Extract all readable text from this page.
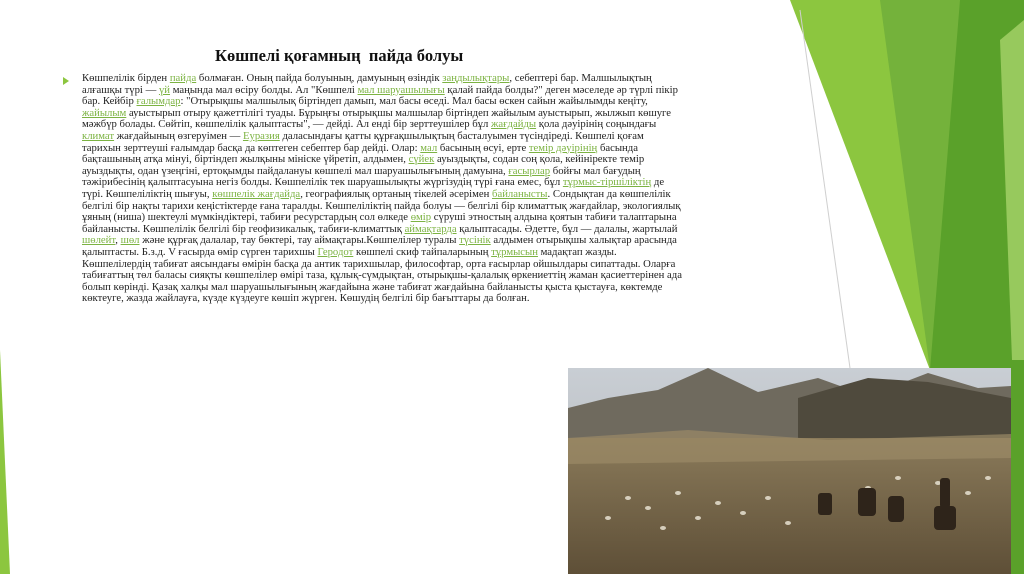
Көшпелі қоғамның  пайда болуы
Көшпелілік бірден пайда болмаған. Оның пайда болуының, дамуының өзіндік заңдылықтары, себептері бар. Малшылықтың алғашқы түрі — үй маңында мал өсіру болды. Ал "Көшпелі мал шаруашылығы қалай пайда болды?" деген мәселеде әр түрлі пікір бар. Кейбір ғалымдар: "Отырықшы малшылық біртіндеп дамып, мал басы өседі. Мал басы өскен сайын жайылымды кеңіту, жайылым ауыстырып отыру қажеттілігі туады. Бұрыңғы отырықшы малшылар біртіндеп жайылым ауыстырып, жылжып көшуге мәжбүр болады. Сөйтіп, көшпелілік қалыптасты", — дейді. Ал енді бір зерттеушілер бұл жағдайды қола дәуірінің соңындағы климат жағдайының өзгеруімен — Еуразия даласындағы қатты құрғақшылықтың басталуымен түсіндіреді. Көшпелі қоғам тарихын зерттеуші ғалымдар басқа да көптеген себептер бар дейді. Олар: мал басының өсуі, ерте темір дәуірінің басында бақташының атқа мінуі, біртіндеп жылқыны мініске үйретіп, алдымен, сүйек ауыздықты, содан соң қола, кейініректе темір ауыздықты, одан үзеңгіні, ертоқымды пайдалануы көшпелі мал шаруашылығының дамуына, ғасырлар бойғы мал бағудың тәжірибесінің қалыптасуына негіз болды. Көшпелілік тек шаруашылықты жүргізудің түрі ғана емес, бұл тұрмыс-тіршіліктің де түрі. Көшпеліліктің шығуы, көшпелік жағдайда, географиялық ортаның тікелей әсерімен байланысты. Сондықтан да көшпелілік белгілі бір нақты тарихи кеңістіктерде ғана таралды. Көшпеліліктің пайда болуы — белгілі бір климаттық жағдайлар, экологиялық ұяның (ниша) шектеулі мүмкіндіктері, табиғи ресурстардың сол өлкеде өмір сүруші этностың алдына қоятын табиғи талаптарына байланысты. Көшпелілік белгілі бір геофизикалық, табиғи-климаттық аймақтарда қалыптасады. Әдетте, бұл — далалы, жартылай шөлейт, шөл және құрғақ далалар, тау бөктері, тау аймақтары.Көшпелілер туралы түсінік алдымен отырықшы халықтар арасында қалыптасты. Б.з.д. V ғасырда өмір сүрген тарихшы Геродот көшпелі скиф тайпаларының тұрмысын мадақтап жазды. Көшпелілердің табиғат аясындағы өмірін басқа да антик тарихшылар, философтар, орта ғасырлар ойшылдары сипаттады. Оларға табиғаттың төл баласы сияқты көшпелілер өмірі таза, құлық-сүмдықтан, отырықшы-қалалық өркениеттің жаман қасиеттерінен ада болып көрінді. Қазақ халқы мал шаруашылығының жағдайына және табиғат жағдайына байланысты қыста қыстауға, көктемде көктеуге, жазда жайлауға, күзде күздеуге көшіп жүрген. Көшудің белгілі бір бағыттары да болған.
